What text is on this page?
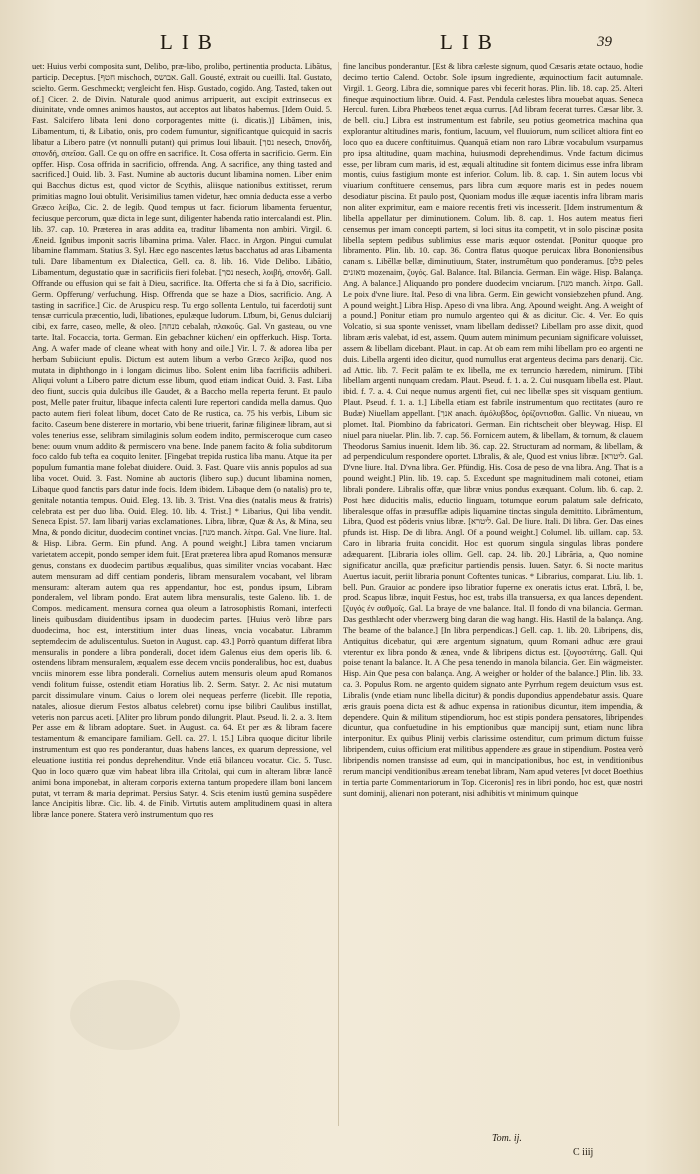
LIB	LIB	39

uet: Huius verbi composita sunt, Delibo, præ-libo, prolibo, pertinentia producta. Libātus, particip. Deceptus. [חטף mischoch, אבושס. Gall. Gousté, extrait ou cueilli. Ital. Gustato, scielto. Germ. Geschmeckt; vergleicht fen. Hisp. Gustado, cogido. Ang. Tasted, taken out of.] Cicer. 2. de Divin. Naturale quod animus arripuerit, aut excipit extrinsecus ex diuinitate, vnde omnes animos haustos, aut acceptos aut libatos habemus. [Idem Ouid. 5. Fast. Salcifero libata leni dono corporagentes mitte (i. dicatis.)] Libāmen, inis, Libamentum, ti, & Libatio, onis, pro codem fumuntur, significantque quicquid in sacris libatur a Libero patre (vt nonnulli putant) qui primus Ioui libauit. [נסך nesech, סπονδή, σπονδή, σπεῖσα. Gall. Ce qu on offre en sacrifice. It. Cosa offerta in sacrificio. Germ. Ein opffer. Hisp. Cosa offrida in sacrificio, offrenda. Ang. A sacrifice, any thing tasted and sacrificed.] Ouid. lib. 3. Fast. Numine ab auctoris ducunt libamina nomen. Liber enim qui Bacchus dictus est, quod victor de Scythis, aliisque nationibus extitisset, rerum primitias magno Ioui obtulit. Verisimilius tamen videtur, hæc omnia deducta esse a verbo Græco λείβω, Cic. 2. de legib. Quod tempus ut facr. ficiorum libamenta feruentur, feciusque percorum, quæ dicta in lege sunt, diligenter habenda ratio intercalandi est. Plin. lib. 37. cap. 10. Præterea in aras addita ea, traditur libamenta non ambiri. Virgil. 6. Æneid. Ignibus imponit sacris libamina prima. Valer. Flacc. in Argon. Pingui cumulat libamine flammam. Statius 3. Syl. Hæc ego nascentes lætus bacchatus ad aras Libamenta tuli. Dare libamentum ex Dialectica, Gell. ca. 8. lib. 16. Vide Delibo. Libātio, Libamentum, degustatio quæ in sacrificiis fieri folebat. [נסך nesech, λοιβή, σπονδή. Gall. Offrande ou effusion qui se fait à Dieu, sacrifice. Ita. Offerta che si fa à Dio, sacrificio. Germ. Opfferung/ verfuchung. Hisp. Offrenda que se haze a Dios, sacrificio. Ang. A tasting in sacrifice.] Cic. de Aruspicu resp. Tu ergo sollenta Lentulo, tui facerdotij sunt tensæ curricula præcentio, ludi, libationes, epulæque ludorum. Lībum, bi, Genus dulciarij cibi, ex farre, caseo, melle, & oleo. [מנחה cebalah, πλακοῦς. Gal. Vn gasteau, ou vne tarte. Ital. Focaccia, torta. German. Ein gebachner küchen/ ein opfferkuch. Hisp. Torta. Ang. A wafer made of cleane wheat with hony and oile.] Vir. l. 7. & adorea liba per herbam Subiiciunt epulis. Dictum est autem libum a verbo Græco λείβω, quod nos mutata in diphthongo in i longam dicimus libo. Solent enim liba facrificiis adhiberi. Aliqui volunt a Libero patre dictum esse libum, quod etiam indicat Ouid. 3. Fast. Liba deo fiunt, succis quia dulcibus ille Gaudet, & a Baccho mella reperta ferunt. Et paulo post, Melle pater fruitur, libaque infecta calenti Iure repertori candida mella damus. Quo pacto autem fieri foleat libum, docet Cato de Re rustica, ca. 75 his verbis, Libum sic facito. Caseum bene disterere in mortario, vbi bene triuerit, farinæ filigineæ libram, aut si voles tenerius esse, selibram similaginis solum eodem indito, permisceroque cum caseo bene: ouum vnum addito & permiscero vna bene. Inde panem facito & folia subditorum foco caldo fub tefta ea coquito leniter. [Fingebat trepida rustica liba manu. Atque ita per populum fumantia mane folebat diuidere. Ouid. 3. Fast. Quare viis annis populos ad sua liba vocet. Ouid. 3. Fast. Nomine ab auctoris (libero sup.) ducunt libamina nomen, Libaque quod fanctis pars datur inde focis. Idem ibidem. Libaque dem (o natalis) pro te, genitale notantia tempus. Ouid. Eleg. 13. lib. 3. Trist. Vna dies (natalis meus & fratris) celebrata est per duo liba. Ouid. Eleg. 10. lib. 4. Trist.] * Libarius, Qui liba vendit. Seneca Epist. 57. Iam libarij varias exclamationes. Libra, libræ, Quæ & As, & Mina, seu Mna, & pondo dicitur, duodecim continet vncias. [מנה manch. λίτρα. Gal. Vne liure. Ital. & Hisp. Libra. Germ. Ein pfund. Ang. A pound weight.] Libra tamen vnciarum varietatem accepit, pondo semper idem fuit. [Erat præterea libra apud Romanos mensuræ genus, constans ex duodecim partibus æqualibus, quas similiter vncias vocabant. Hæc autem mensuram ad diff centiam ponderis, libram mensuralem vocabant, vel libram mensuram: alteram autem qua res appendantur, hoc est, pondus ipsum, Libram ponderalem, vel libram pondo. Erat autem libra mensuralis, teste Galeno. lib. 1. de Compos. medicament. mensura cornea qua oleum a Iatrosophistis Romani, interfecti lineis quibusdam diuidentibus ipsam in duodecim partes. [Huius verò libræ pars duodecima, hoc est, interstitium inter duas lineas, vncia vocabatur. Libramm septemdecim de aduliscentulus. Sueton in August. cap. 43.] Porrò quantum differat libra mensuralis in pondere a libra ponderali, docet idem Galenus eius dem operis lib. 6. ostendens libram mensuralem, æqualem esse decem vnciis ponderalibus, hoc est, duabus vnciis minorem esse libra ponderali. Cornelius autem mensuris oleum apud Romanos vendi folitum fuisse, ostendit etiam Horatius lib. 2. Serm. Satyr. 2. Ac nisi mutatum parcit dissimulare vinum. Caius o lorem olei nequeas perferre (licebit. Ille repotia, natales, aliosue dierum Festos albatus celebret) cornu ipse bilibri Caulibus instillat, veteris non parcus aceti. [Aliter pro librum pondo dilungrit. Plaut. Pseud. li. 2. a. 3. Item Per asse em & libram adoptare. Suet. in August. ca. 64. Et per æs & libram facere testamentum & emancipare familiam. Gell. ca. 27. l. 15.] Libra quoque dicitur librile instrumentum est quo res ponderantur, duas habens lances, ex quarum depressione, vel eleuatione iustitia rei pondus deprehenditur. Vnde etiā bilanceu vocatur. Cic. 5. Tusc. Quo in loco quæro quæ vim habeat libra illa Critolai, qui cum in alteram libræ lancē animi bona imponebat, in alteram corporis externa tantum propedere illam boni lancem putat, vt terram & maria deprimat. Persius Satyr. 4. Scis etenim iustū gemina suspēdere lance Ancipitis libræ. Cic. lib. 4. de Finib. Virtutis autem amplitudinem quasi in altera libræ lance ponere. Statera verò instrumentum quo res

fine lancibus ponderantur. [Est & libra cæleste signum, quod Cæsaris ætate octauo, hodie decimo tertio Calend. Octobr. Sole ipsum ingrediente, æquinoctium facit autumnale. Virgil. 1. Georg. Libra die, somnique pares vbi fecerit horas. Plin. lib. 18. cap. 25. Alteri fineque æquinoctium libræ. Ouid. 4. Fast. Pendula cælestes libra mouebat aquas. Seneca Hercul. furen. Libra Phœbeos tenet æqua currus. [Ad libram fecerat turres. Cæsar libr. 3. de bell. ciu.] Libra est instrumentum est fabrile, seu potius geometrica machina qua explorantur altitudines maris, fontium, lacuum, vel fluuiorum, num scilicet altiora fint eo loco quo ea ducere conftituimus. Quanquā etiam non raro Libræ vocabulum vsurpamus pro ipsa altitudine, quam machina, huiusmodi deprehendimus. Vnde factum dicimus esse, per libram cum maris, id est, æquali altitudine sit fontem dicimus esse infra libram montis, cuius fastigium monte est inferior. Colum. lib. 8. cap. 1. Sin autem locus vbi viuarium conftituere censemus, pars libra cum æquore maris est in pedes nouem desodiatur piscina. Et paulo post, Quoniam modus ille æquæ iacentis infra libram maris non aliter exprimitur, eam e maiore recentis freti vis incesserit. [Idem instrumentum & libella appellatur per diminutionem. Colum. lib. 8. cap. 1. Hos autem meatus fieri censemus per imam concepti partem, si loci situs ita competit, vt in solo piscinæ posita libella septem pedibus sublimius esse maris æquor ostendat. [Ponitur quoque pro libramento. Plin. lib. 10. cap. 36. Contra flatus quoque peruicax libra Bononiensibus canam s. Libēllæ bellæ, diminutiuum, Stater, instrumētum quo ponderamus. [פלס peles מאזנים mozenaim, ζυγός. Gal. Balance. Ital. Bilancia. German. Ein wäge. Hisp. Balança. Ang. A balance.] Aliquando pro pondere duodecim vnciarum. [מנה manch. λίτρα. Gall. Le poix d'vne liure. Ital. Peso di vna libra. Germ. Ein gewicht vonsiebzehen pfund. Ang. A pound weight.] Libra Hisp. Apeso di vna libra. Ang. Apound weight. Ang. A weight of a pound.] Ponitur etiam pro numulo argenteo qui & as dicitur. Cic. 4. Ver. Eo quis Volcatio, si sua sponte venisset, vnam libellam dedisset? Libellam pro asse dixit, quod libram æris valebat, id est, assem. Quum autem minimum pecuniam significare voluisset, assem & libellam dicebant. Plaut. in cap. At ob eam rem mihi libellam pro eo argenti ne duis. Libella argenti ideo dicitur, quod numullus erat argenteus decima pars denarij. Cic. ad Attic. lib. 7. Fecit palām te ex libella, me ex terruncio hæredem, nimirum. [Tibi libellam argenti nunquam credam. Plaut. Pseud. f. 1. a. 2. Cui nusquam libella est. Plaut. ibid. f. 7. a. 4. Cui neque numus argenti fiet, cui nec libellæ spes sit visquam gentium. Plaut. Pseud. f. 1. a. 1.] Libella etiam est fabrile instrumentum quo rectitates (auro re Budæ) Niuellam appellant. [אנך anach. ἀμόλυβδος, ὁρίζοντισθαι. Gallic. Vn niueau, vn plomet. Ital. Piombino da fabricatori. German. Ein richtscheit ober bleywag. Hisp. El niuel para niuelar. Plin. lib. 7. cap. 56. Fornicem autem, & libellam, & tornum, & clauem Theodorus Samius inuenit. Idem lib. 36. cap. 22. Structuram ad normam, & libellam, & ad perpendiculum respondere oportet. Lībralis, & ale, Quod est vnius libræ. [ליטרא. Gal. D'vne liure. Ital. D'vna libra. Ger. Pfündig. His. Cosa de peso de vna libra. Ang. That is a pound weight.] Plin. lib. 19. cap. 5. Excedunt spe magnitudinem mali cotonei, etiam librali pondere. Libralis offæ, quæ libræ vnius pondus exæquant. Colum. lib. 6. cap. 2. Post hæc diducitis malis, eductio linguam, totumque eorum palatum sale defricato, liberalesque offas in præsufflæ adipis liquamine tinctas singula demittito. Librāmentum, Libra, Quod est pōderis vnius libræ. [ליטרא. Gal. De liure. Itali. Di libra. Ger. Das eines pfunds ist. Hisp. De di libra. Angl. Of a pound weight.] Columel. lib. uillam. cap. 53. Caro in libraria fruita concidit. Hoc est quorum singula singulas libras pondere adæquarent. [Libraria ioles ollim. Gell. cap. 24. lib. 20.] Librāria, a, Quo nomine significatur ancilla, quæ præficitur partiendis pensis. Iuuen. Satyr. 6. Si nocte maritus Auertus iacuit, periit libraria ponunt Coftentes tunicas. * Librarius, comparat. Liu. lib. 1. bell. Pun. Grauior ac pondere ipso libratior fuperne ex oneratis ictus erat. Lībrā, l. be, prod. Scapus libræ, inquit Festus, hoc est, trabs illa transuersa, ex qua lances dependent. [ζυγός ἐν σαθμοῖς. Gal. La braye de vne balance. Ital. Il fondo di vna bilancia. German. Das gesthlæcht oder vberzwerg bing daran die wag hangt. His. Hastil de la balança. Ang. The beame of the balance.] [In libra perpendicas.] Gell. cap. 1. lib. 20. Libripens, dis, Antiquitus dicebatur, qui ære argentum signatum, quum Romani adhuc ære graui vterentur ex libra pondo & ænea, vnde & libripens dictus est. [ζυγοστάτης. Gall. Qui poise tenant la balance. It. A Che pesa tenendo in manola bilancia. Ger. Ein wägmeister. Hisp. Ain Que pesa con balança. Ang. A weigher or holder of the balance.] Plin. lib. 33. ca. 3. Populus Rom. ne argento quidem signato ante Pyrrhum regem deuictum vsus est. Libralis (vnde etiam nunc libella dicitur) & pondis dupondius appendebatur assis. Quare æris grauis poena dicta est & adhuc expensa in rationibus dicuntur, item impendia, & dependere. Quin & militum stipendiorum, hoc est stipis pondera pensatores, libripendes dicuntur, qua confuetudine in his emptionibus quæ mancipij sunt, etiam nunc libra interponitur. Ex quibus Plinij verbis clarissime ostenditur, cum primum dictum fuisse libripendem, cuius officium erat militibus appendere æs graue in stipendium. Postea verò libripendis nomen transisse ad eum, qui in mancipationibus, hoc est, in venditionibus rerum mancipi venditionibus æream tenebat libram, Nam apud veteres [vt docet Boethius in tertia parte Commentariorum in Top. Ciceronis] res in libri pondo, hoc est, quæ nostri sunt dominij, alienari non poterant, nisi adhibitis vt minimum quinque

Tom. ij.
C iiij
